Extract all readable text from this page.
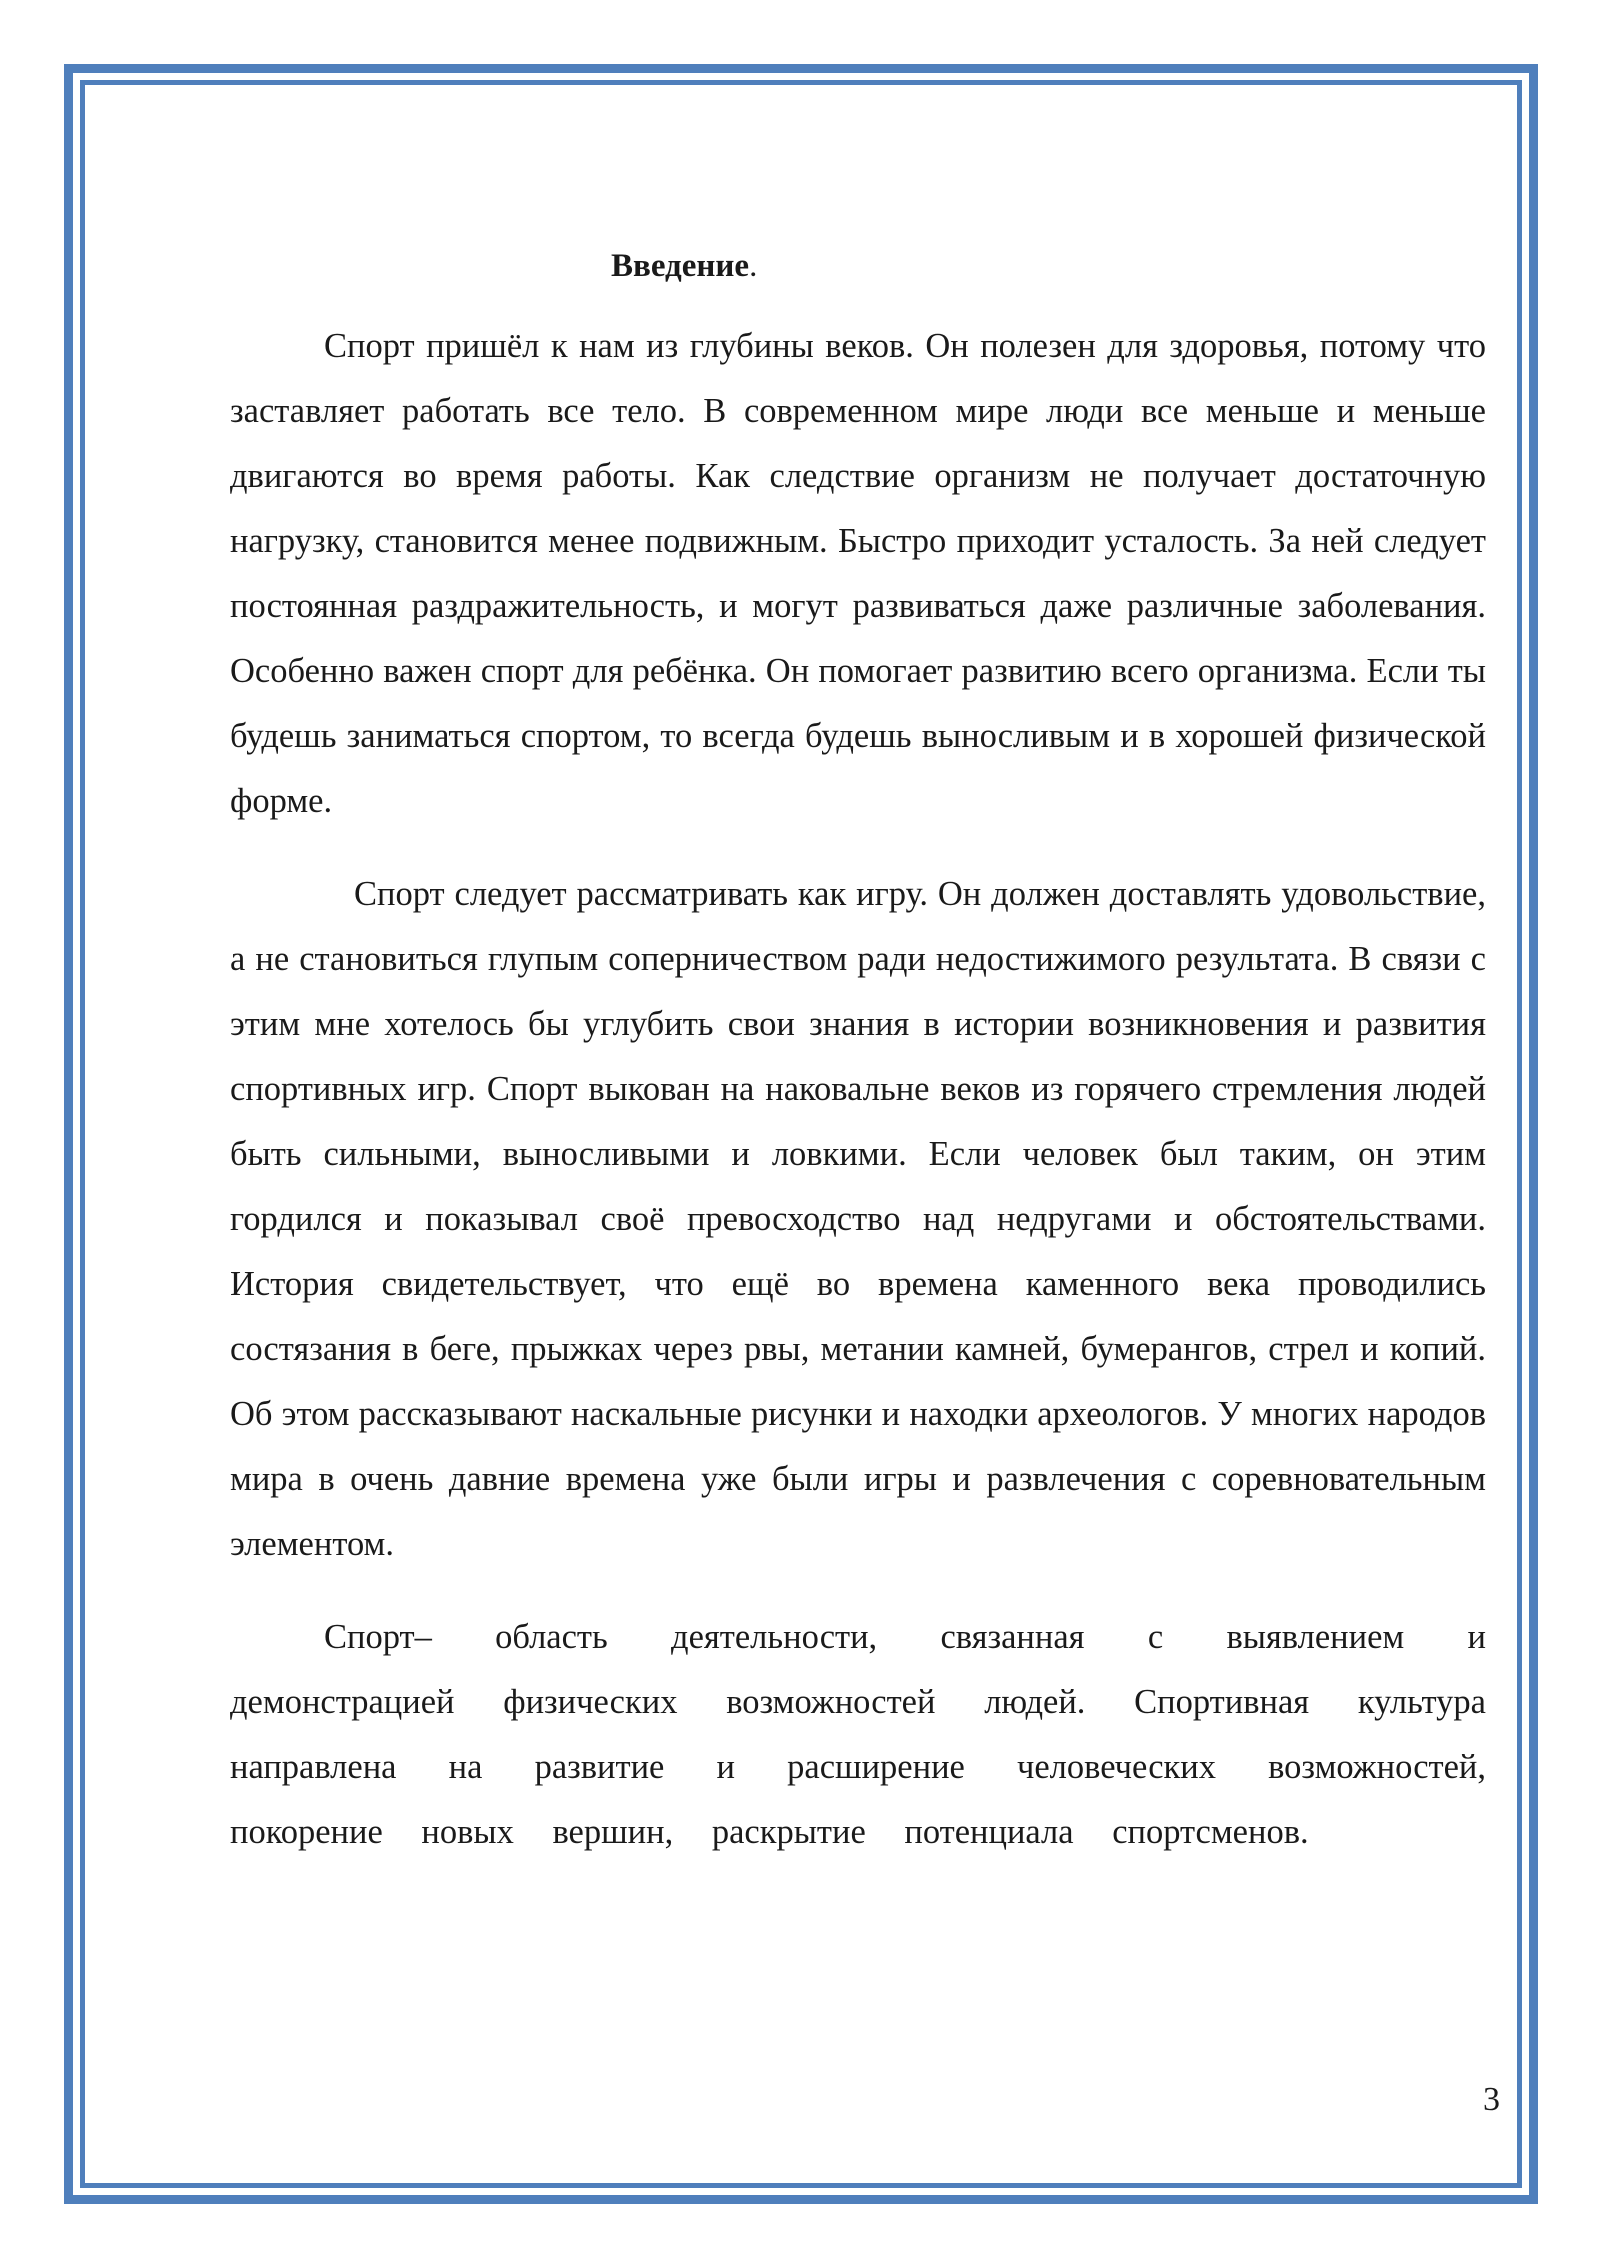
Введение.

Спорт пришёл к нам из глубины веков. Он полезен для здоровья, потому что заставляет работать все тело. В современном мире люди все меньше и меньше двигаются во время работы. Как следствие организм не получает достаточную нагрузку, становится менее подвижным. Быстро приходит усталость. За ней следует постоянная раздражительность, и могут развиваться даже различные заболевания. Особенно важен спорт для ребёнка. Он помогает развитию всего организма. Если ты будешь заниматься спортом, то всегда будешь выносливым и в хорошей физической форме.

Спорт следует рассматривать как игру. Он должен доставлять удовольствие, а не становиться глупым соперничеством ради недостижимого результата. В связи с этим мне хотелось бы углубить свои знания в истории возникновения и развития спортивных игр. Спорт выкован на наковальне веков из горячего стремления людей быть сильными, выносливыми и ловкими. Если человек был таким, он этим гордился и показывал своё превосходство над недругами и обстоятельствами. История свидетельствует, что ещё во времена каменного века проводились состязания в беге, прыжках через рвы, метании камней, бумерангов, стрел и копий. Об этом рассказывают наскальные рисунки и находки археологов. У многих народов мира в очень давние времена уже были игры и развлечения с соревновательным элементом.

Спорт– область деятельности, связанная с выявлением и демонстрацией физических возможностей людей. Спортивная культура направлена на развитие и расширение человеческих возможностей, покорение новых вершин, раскрытие потенциала спортсменов.

3
